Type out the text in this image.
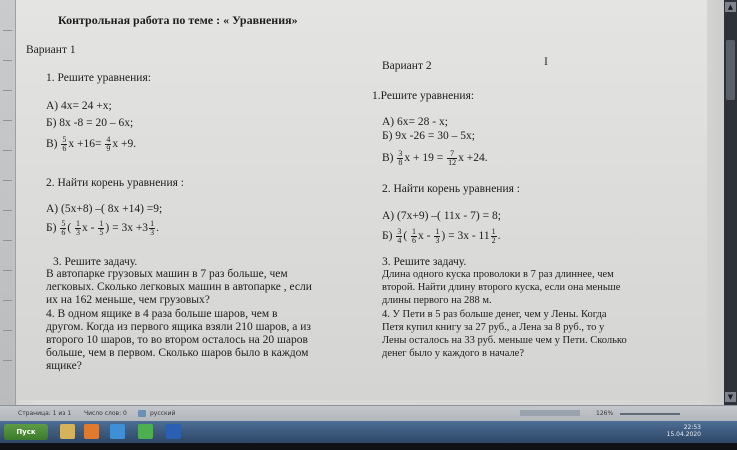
Контрольная работа по теме : « Уравнения»
Вариант 1
1. Решите уравнения:
А) 4х= 24 +х;
Б) 8х -8 = 20 – 6х;
$В) \frac{5}{6}$ $х +16= \frac{4}{9}$ х +9.
2. Найти корень уравнения :
А) (5х+8) –( 8х +14) =9;
$Б) \frac{5}{6}$ ( $\frac{1}{3}$ х - $\frac{1}{5}$ ) = $3х +3 \frac{1}{3}$ .
3. Решите задачу.
В автопарке грузовых машин в 7 раз больше, чем
легковых. Сколько легковых машин в автопарке , если
их на 162 меньше, чем грузовых?
4. В одном ящике в 4 раза больше шаров, чем в
другом. Когда из первого ящика взяли 210 шаров, а из
второго 10 шаров, то во втором осталось на 20 шаров
больше, чем в первом. Сколько шаров было в каждом
ящике?
Вариант 2
1.Решите уравнения:
А) 6х= 28 - х;
Б) 9х -26 = 30 – 5х;
$В) \frac{3}{8}$ $х + 19 = \frac{7}{12}$ х +24.
2. Найти корень уравнения :
А) (7х+9) –( 11х - 7) = 8;
$Б) \frac{3}{4}$ ( $\frac{1}{6}$ х - $\frac{1}{3}$ ) = $3х - 11 \frac{1}{2}$ .
3. Решите задачу.
Длина одного куска проволоки в 7 раз длиннее, чем
второй. Найти длину второго куска, если она меньше
длины первого на 288 м.
4. У Пети в 5 раз больше денег, чем у Лены. Когда
Петя купил книгу за 27 руб., а Лена за 8 руб., то у
Лены осталось на 33 руб. меньше чем у Пети. Сколько
денег было у каждого в начале?
Ι
▲
▼
Страница: 1 из 1 Число слов: 0	русский	126%
Пуск
22:53
15.04.2020
